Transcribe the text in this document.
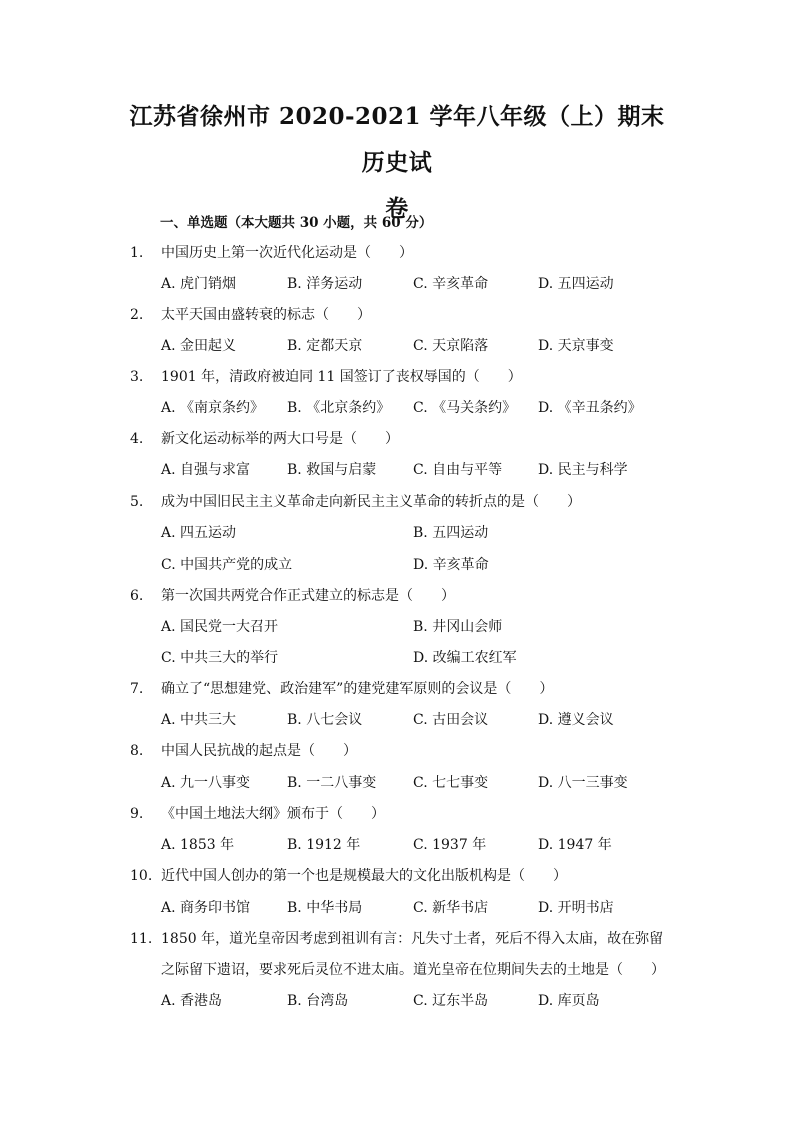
江苏省徐州市 2020-2021 学年八年级（上）期末历史试
卷
一、单选题（本大题共 30 小题，共 60 分）
1. 中国历史上第一次近代化运动是（　　）
A. 虎门销烟	B. 洋务运动	C. 辛亥革命	D. 五四运动
2. 太平天国由盛转衰的标志（　　）
A. 金田起义	B. 定都天京	C. 天京陷落	D. 天京事变
3. 1901 年，清政府被迫同 11 国签订了丧权辱国的（　　）
A. 《南京条约》 B. 《北京条约》 C. 《马关条约》 D. 《辛丑条约》
4. 新文化运动标举的两大口号是（　　）
A. 自强与求富	B. 救国与启蒙	C. 自由与平等	D. 民主与科学
5. 成为中国旧民主主义革命走向新民主主义革命的转折点的是（　　）
A. 四五运动	B. 五四运动
C. 中国共产党的成立	D. 辛亥革命
6. 第一次国共两党合作正式建立的标志是（　　）
A. 国民党一大召开	B. 井冈山会师
C. 中共三大的举行	D. 改编工农红军
7. 确立了“思想建党、政治建军”的建党建军原则的会议是（　　）
A. 中共三大	B. 八七会议	C. 古田会议	D. 遵义会议
8. 中国人民抗战的起点是（　　）
A. 九一八事变	B. 一二八事变	C. 七七事变	D. 八一三事变
9. 《中国土地法大纲》颁布于（　　）
A. 1853 年	B. 1912 年	C. 1937 年	D. 1947 年
10. 近代中国人创办的第一个也是规模最大的文化出版机构是（　　）
A. 商务印书馆	B. 中华书局	C. 新华书店	D. 开明书店
11. 1850 年，道光皇帝因考虑到祖训有言：凡失寸土者，死后不得入太庙，故在弥留
之际留下遗诏，要求死后灵位不进太庙。道光皇帝在位期间失去的土地是（　　）
A. 香港岛	B. 台湾岛	C. 辽东半岛	D. 库页岛
